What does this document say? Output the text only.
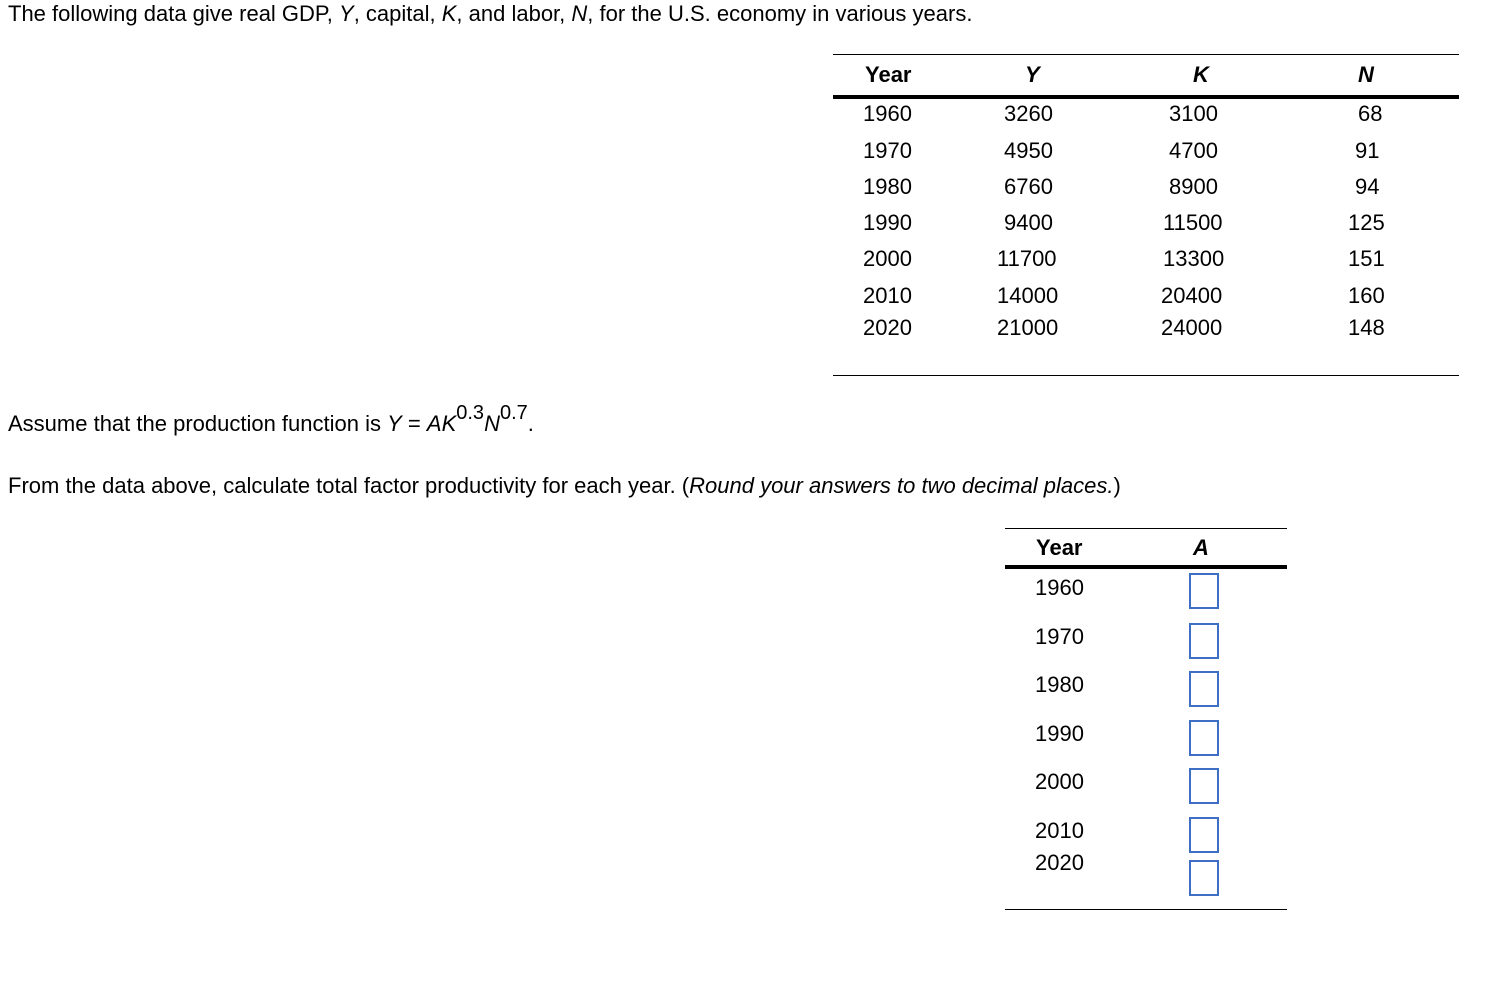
The following data give real GDP, Y, capital, K, and labor, N, for the U.S. economy in various years.
Year	Y	K	N
1960	3260	3100	68
1970	4950	4700	91
1980	6760	8900	94
1990	9400	11500	125
2000	11700	13300	151
2010	14000	20400	160
2020	21000	24000	148
Assume that the production function is Y = AK0.3N0.7.
From the data above, calculate total factor productivity for each year. (Round your answers to two decimal places.)
Year	A
1960
1970
1980
1990
2000
2010
2020
